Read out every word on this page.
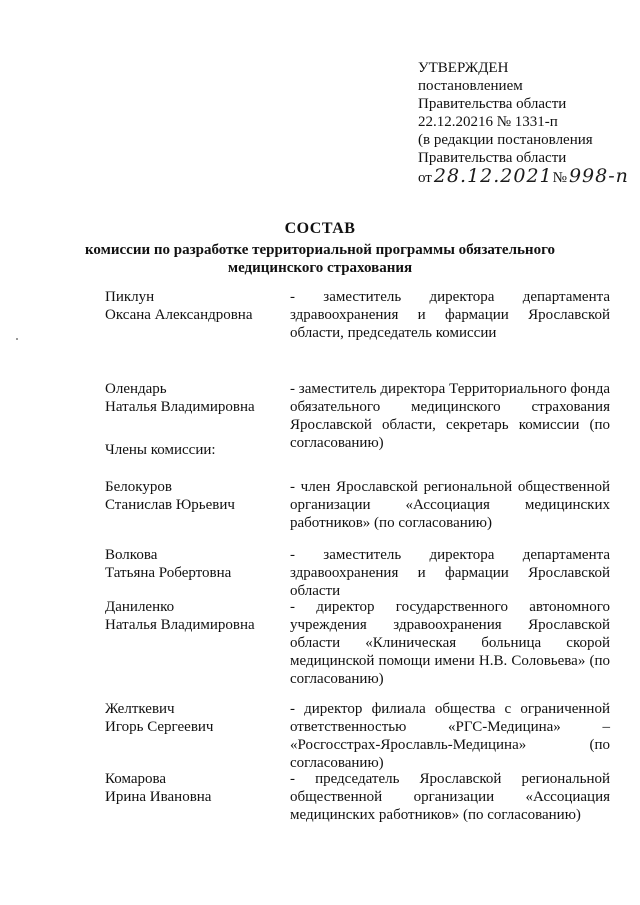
УТВЕРЖДЕН
постановлением
Правительства области
22.12.20216 № 1331-п
(в редакции постановления
Правительства области
от 28.12.2021№ 998-п
СОСТАВ
комиссии по разработке территориальной программы обязательного медицинского страхования
Пиклун
Оксана Александровна
- заместитель директора департамента здравоохранения и фармации Ярославской области, председатель комиссии
Олендарь
Наталья Владимировна
- заместитель директора Территориального фонда обязательного медицинского страхования Ярославской области, секретарь комиссии (по согласованию)
Члены комиссии:
Белокуров
Станислав Юрьевич
- член Ярославской региональной общественной организации «Ассоциация медицинских работников» (по согласованию)
Волкова
Татьяна Робертовна
- заместитель директора департамента здравоохранения и фармации Ярославской области
Даниленко
Наталья Владимировна
- директор государственного автономного учреждения здравоохранения Ярославской области «Клиническая больница скорой медицинской помощи имени Н.В. Соловьева» (по согласованию)
Желткевич
Игорь Сергеевич
- директор филиала общества с ограниченной ответственностью «РГС-Медицина» – «Росгосстрах-Ярославль-Медицина» (по согласованию)
Комарова
Ирина Ивановна
- председатель Ярославской региональной общественной организации «Ассоциация медицинских работников» (по согласованию)
